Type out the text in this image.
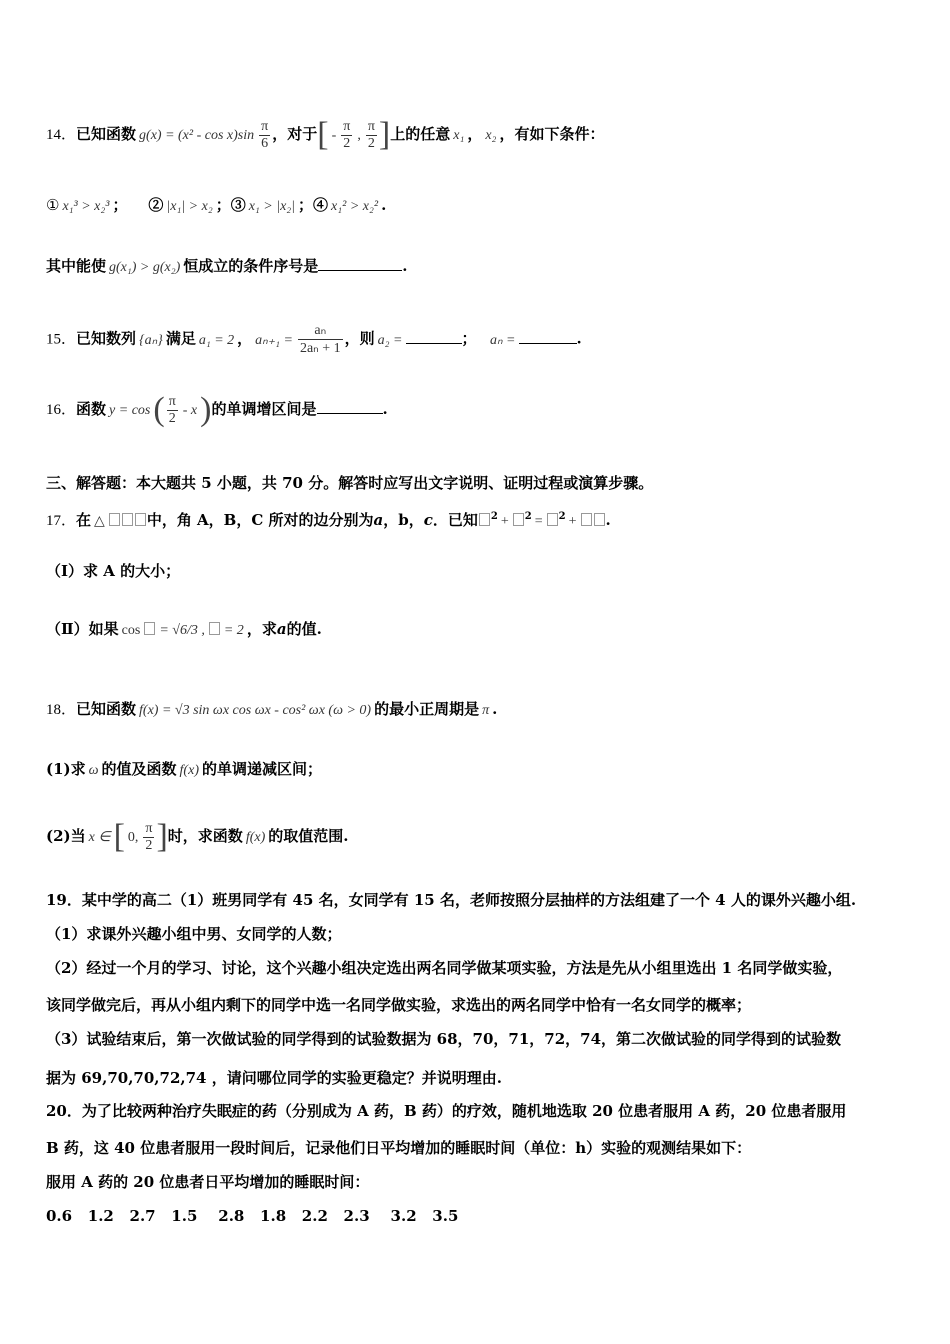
14．已知函数 $g(x) = (x^2 - \cos x)\sin \frac{\pi}{6}$ ，对于[ - $\frac{\pi}{2}$ , $\frac{\pi}{2}$ ]上的任意 x₁ ， x₂ ，有如下条件：
① x₁³ > x₂³ ； ② |x₁| > x₂ ；③ x₁ > |x₂| ；④ x₁² > x₂² .
其中能使 g(x₁) > g(x₂) 恒成立的条件序号是	.
15．已知数列 {aₙ} 满足 a₁ = 2 ， $a_{n+1} = \frac{\text{aₙ}}{\text{2aₙ + 1}}$ ，则 a₂ =	； aₙ =	.
16．函数 $y = \cos( \frac{\pi}{2} - x)$的单调增区间是	.
三、解答题：本大题共 5 小题，共 70 分。解答时应写出文字说明、证明过程或演算步骤。
17．在 △	中，角 A，B，C 所对的边分别为a，b，c．已知 $^2$ + $^2$ = $^2$ + .
（Ⅰ）求 A 的大小；
（Ⅱ）如果 cos = √6/3 , = 2 ，求a的值.
18．已知函数 f(x) = √3 sin ωx cos ωx - cos² ωx (ω > 0) 的最小正周期是 π .
(1)求 ω 的值及函数 f(x) 的单调递减区间；
(2)当 x ∈[ 0, $\frac{\pi}{2}$ ]时，求函数 f(x) 的取值范围.
19．某中学的高二（1）班男同学有 45 名，女同学有 15 名，老师按照分层抽样的方法组建了一个 4 人的课外兴趣小组.
（1）求课外兴趣小组中男、女同学的人数；
（2）经过一个月的学习、讨论，这个兴趣小组决定选出两名同学做某项实验，方法是先从小组里选出 1 名同学做实验，
该同学做完后，再从小组内剩下的同学中选一名同学做实验，求选出的两名同学中恰有一名女同学的概率；
（3）试验结束后，第一次做试验的同学得到的试验数据为 68，70，71，72，74，第二次做试验的同学得到的试验数
据为 69,70,70,72,74 ，请问哪位同学的实验更稳定？并说明理由.
20．为了比较两种治疗失眠症的药（分别成为 A 药，B 药）的疗效，随机地选取 20 位患者服用 A 药，20 位患者服用
B 药，这 40 位患者服用一段时间后，记录他们日平均增加的睡眠时间（单位：h）实验的观测结果如下：
服用 A 药的 20 位患者日平均增加的睡眠时间：
0.6   1.2   2.7   1.5    2.8   1.8   2.2   2.3    3.2   3.5
